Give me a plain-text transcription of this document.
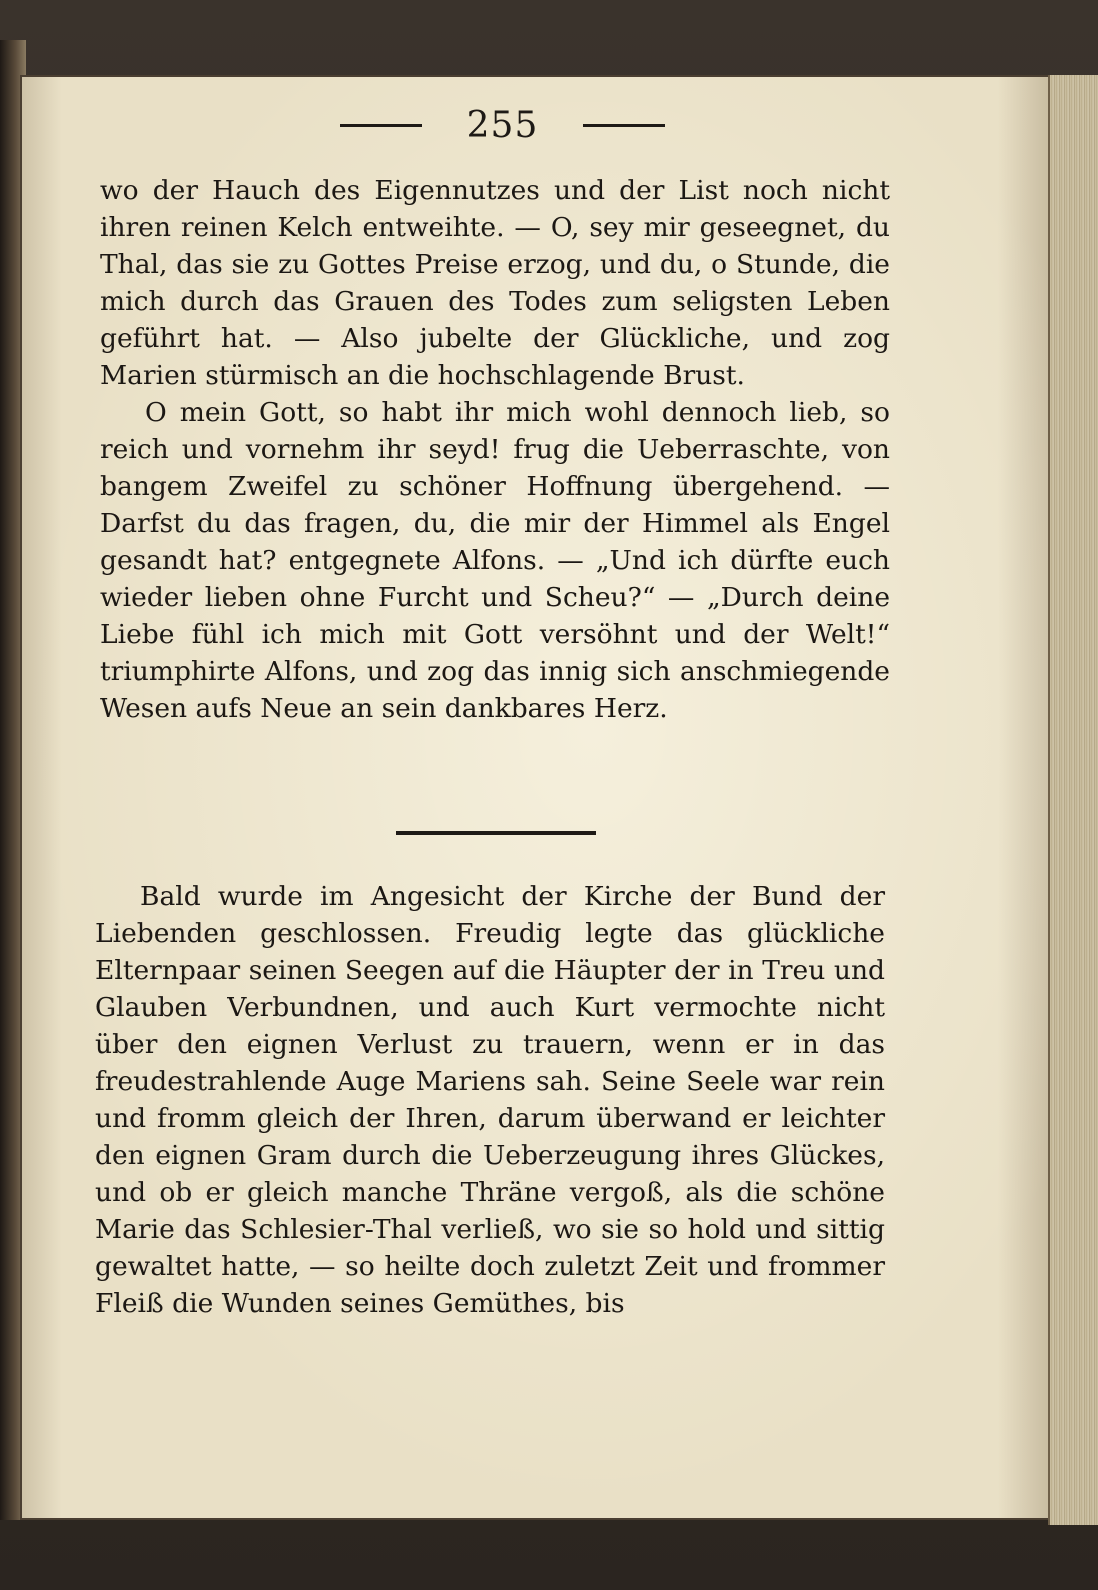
255

wo der Hauch des Eigennutzes und der List noch nicht ihren reinen Kelch entweihte. — O, sey mir geseegnet, du Thal, das sie zu Gottes Preise erzog, und du, o Stunde, die mich durch das Grauen des Todes zum seligsten Leben geführt hat. — Also jubelte der Glückliche, und zog Marien stürmisch an die hochschlagende Brust.

O mein Gott, so habt ihr mich wohl dennoch lieb, so reich und vornehm ihr seyd! frug die Ueberraschte, von bangem Zweifel zu schöner Hoffnung übergehend. — Darfst du das fragen, du, die mir der Himmel als Engel gesandt hat? entgegnete Alfons. — „Und ich dürfte euch wieder lieben ohne Furcht und Scheu?“ — „Durch deine Liebe fühl ich mich mit Gott versöhnt und der Welt!“ triumphirte Alfons, und zog das innig sich anschmiegende Wesen aufs Neue an sein dankbares Herz.

Bald wurde im Angesicht der Kirche der Bund der Liebenden geschlossen. Freudig legte das glückliche Elternpaar seinen Seegen auf die Häupter der in Treu und Glauben Verbundnen, und auch Kurt vermochte nicht über den eignen Verlust zu trauern, wenn er in das freudestrahlende Auge Mariens sah. Seine Seele war rein und fromm gleich der Ihren, darum überwand er leichter den eignen Gram durch die Ueberzeugung ihres Glückes, und ob er gleich manche Thräne vergoß, als die schöne Marie das Schlesier-Thal verließ, wo sie so hold und sittig gewaltet hatte, — so heilte doch zuletzt Zeit und frommer Fleiß die Wunden seines Gemüthes, bis
